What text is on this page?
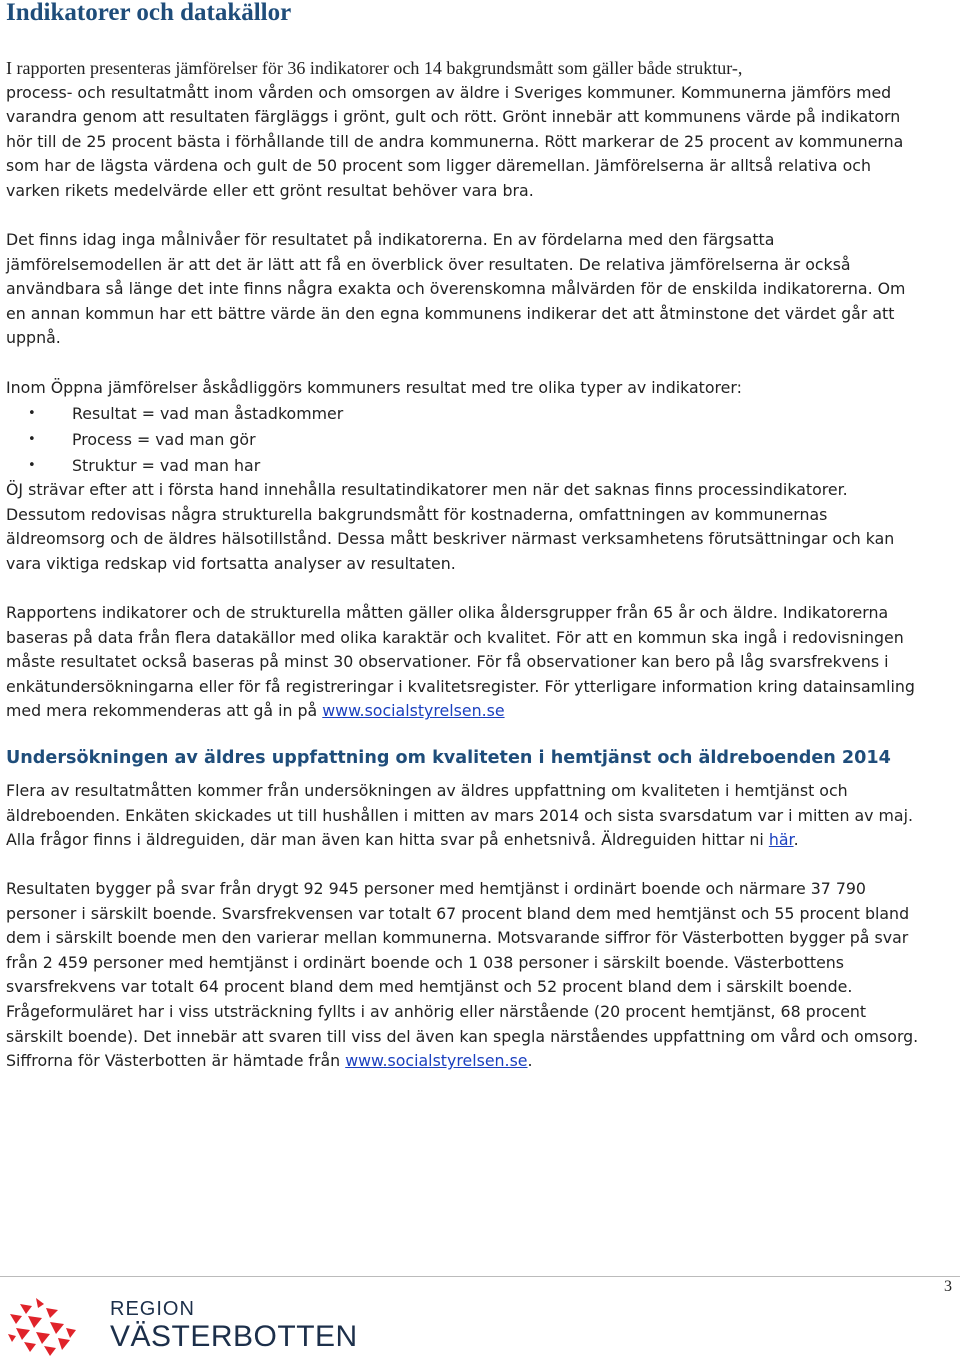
Indikatorer och datakällor
I rapporten presenteras jämförelser för 36 indikatorer och 14 bakgrundsmått som gäller både struktur-,
process- och resultatmått inom vården och omsorgen av äldre i Sveriges kommuner. Kommunerna jämförs med
varandra genom att resultaten färgläggs i grönt, gult och rött. Grönt innebär att kommunens värde på indikatorn
hör till de 25 procent bästa i förhållande till de andra kommunerna. Rött markerar de 25 procent av kommunerna
som har de lägsta värdena och gult de 50 procent som ligger däremellan. Jämförelserna är alltså relativa och
varken rikets medelvärde eller ett grönt resultat behöver vara bra.
Det finns idag inga målnivåer för resultatet på indikatorerna. En av fördelarna med den färgsatta
jämförelsemodellen är att det är lätt att få en överblick över resultaten. De relativa jämförelserna är också
användbara så länge det inte finns några exakta och överenskomna målvärden för de enskilda indikatorerna. Om
en annan kommun har ett bättre värde än den egna kommunens indikerar det att åtminstone det värdet går att
uppnå.
Inom Öppna jämförelser åskådliggörs kommuners resultat med tre olika typer av indikatorer:
• Resultat = vad man åstadkommer
• Process = vad man gör
• Struktur = vad man har
ÖJ strävar efter att i första hand innehålla resultatindikatorer men när det saknas finns processindikatorer.
Dessutom redovisas några strukturella bakgrundsmått för kostnaderna, omfattningen av kommunernas
äldreomsorg och de äldres hälsotillstånd. Dessa mått beskriver närmast verksamhetens förutsättningar och kan
vara viktiga redskap vid fortsatta analyser av resultaten.
Rapportens indikatorer och de strukturella måtten gäller olika åldersgrupper från 65 år och äldre. Indikatorerna
baseras på data från flera datakällor med olika karaktär och kvalitet. För att en kommun ska ingå i redovisningen
måste resultatet också baseras på minst 30 observationer. För få observationer kan bero på låg svarsfrekvens i
enkätundersökningarna eller för få registreringar i kvalitetsregister. För ytterligare information kring datainsamling
med mera rekommenderas att gå in på www.socialstyrelsen.se
Undersökningen av äldres uppfattning om kvaliteten i hemtjänst och äldreboenden 2014
Flera av resultatmåtten kommer från undersökningen av äldres uppfattning om kvaliteten i hemtjänst och
äldreboenden. Enkäten skickades ut till hushållen i mitten av mars 2014 och sista svarsdatum var i mitten av maj.
Alla frågor finns i äldreguiden, där man även kan hitta svar på enhetsnivå. Äldreguiden hittar ni här.
Resultaten bygger på svar från drygt 92 945 personer med hemtjänst i ordinärt boende och närmare 37 790
personer i särskilt boende. Svarsfrekvensen var totalt 67 procent bland dem med hemtjänst och 55 procent bland
dem i särskilt boende men den varierar mellan kommunerna. Motsvarande siffror för Västerbotten bygger på svar
från 2 459 personer med hemtjänst i ordinärt boende och 1 038 personer i särskilt boende. Västerbottens
svarsfrekvens var totalt 64 procent bland dem med hemtjänst och 52 procent bland dem i särskilt boende.
Frågeformuläret har i viss utsträckning fyllts i av anhörig eller närstående (20 procent hemtjänst, 68 procent
särskilt boende). Det innebär att svaren till viss del även kan spegla närståendes uppfattning om vård och omsorg.
Siffrorna för Västerbotten är hämtade från www.socialstyrelsen.se.
3
REGION
VÄSTERBOTTEN
